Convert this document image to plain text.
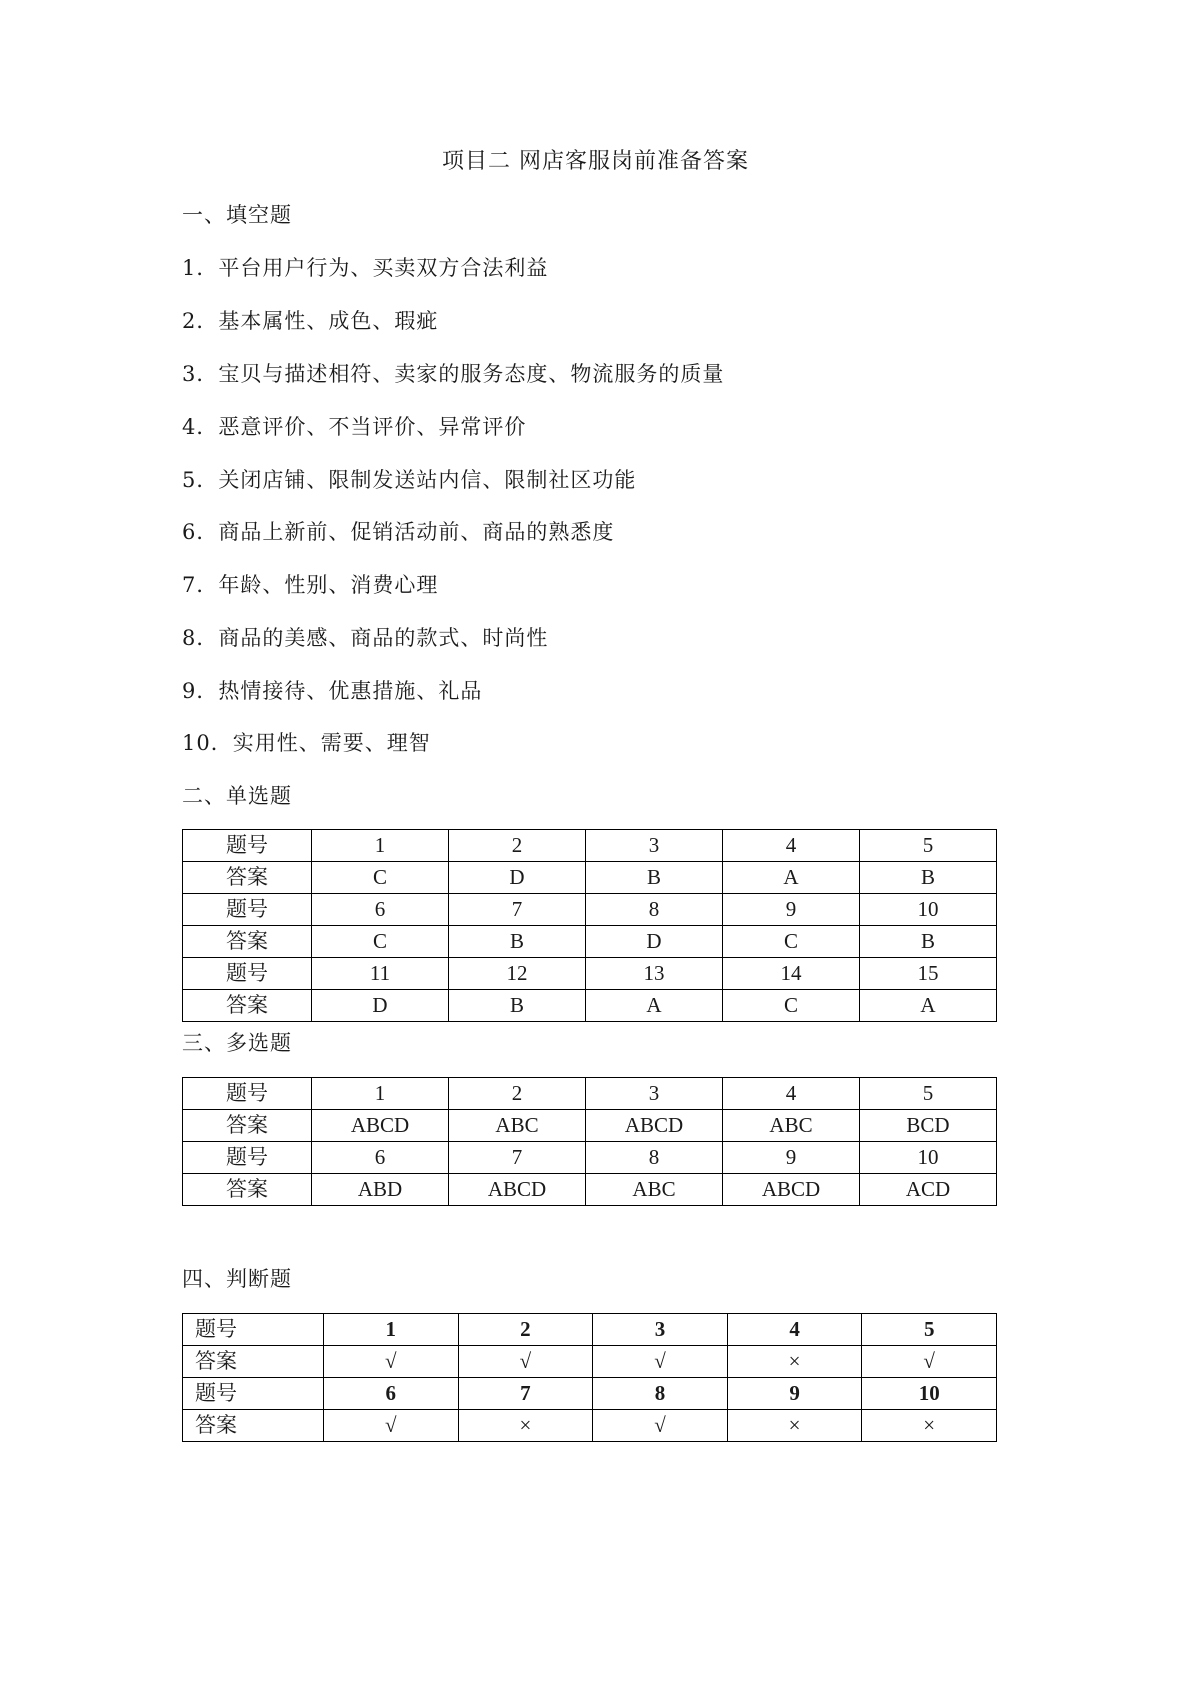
项目二 网店客服岗前准备答案
一、填空题
1．平台用户行为、买卖双方合法利益
2．基本属性、成色、瑕疵
3．宝贝与描述相符、卖家的服务态度、物流服务的质量
4．恶意评价、不当评价、异常评价
5．关闭店铺、限制发送站内信、限制社区功能
6．商品上新前、促销活动前、商品的熟悉度
7．年龄、性别、消费心理
8．商品的美感、商品的款式、时尚性
9．热情接待、优惠措施、礼品
10．实用性、需要、理智
二、单选题
题号	1	2	3	4	5
答案	C	D	B	A	B
题号	6	7	8	9	10
答案	C	B	D	C	B
题号	11	12	13	14	15
答案	D	B	A	C	A
三、多选题
题号	1	2	3	4	5
答案	ABCD	ABC	ABCD	ABC	BCD
题号	6	7	8	9	10
答案	ABD	ABCD	ABC	ABCD	ACD
四、判断题
题号	1	2	3	4	5
答案	√	√	√	×	√
题号	6	7	8	9	10
答案	√	×	√	×	×
